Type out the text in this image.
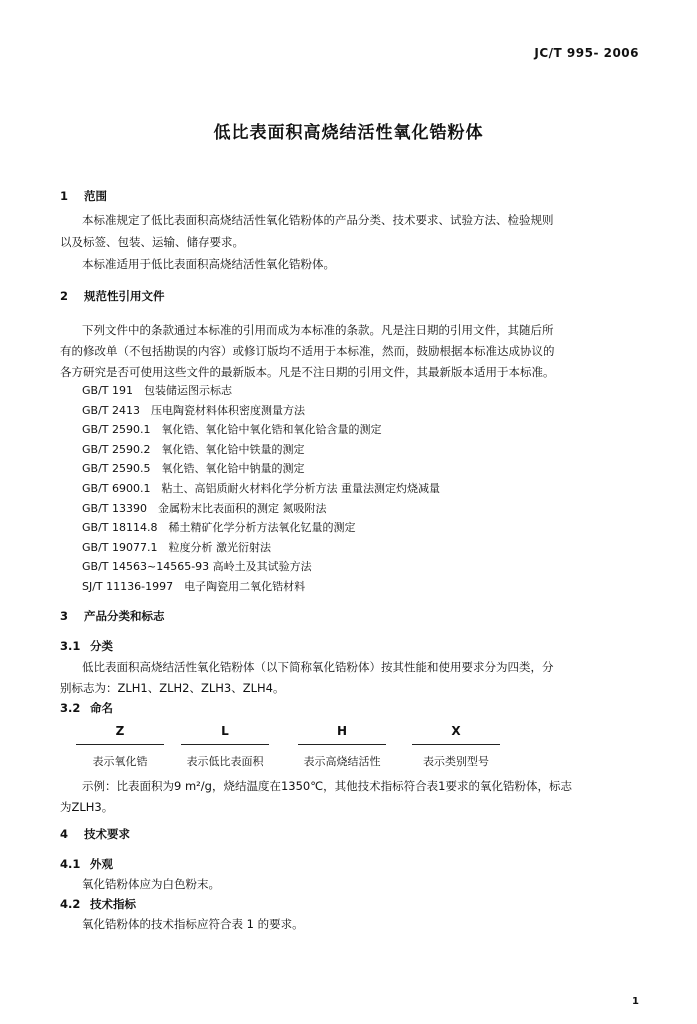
JC/T 995- 2006
低比表面积高烧结活性氧化锆粉体
1 范围
本标准规定了低比表面积高烧结活性氧化锆粉体的产品分类、技术要求、试验方法、检验规则
以及标签、包装、运输、储存要求。
本标准适用于低比表面积高烧结活性氧化锆粉体。
2 规范性引用文件
下列文件中的条款通过本标准的引用而成为本标准的条款。凡是注日期的引用文件，其随后所
有的修改单（不包括勘误的内容）或修订版均不适用于本标准，然而，鼓励根据本标准达成协议的
各方研究是否可使用这些文件的最新版本。凡是不注日期的引用文件，其最新版本适用于本标准。
GB/T 191　包装储运图示标志
GB/T 2413　压电陶瓷材料体积密度测量方法
GB/T 2590.1　氧化锆、氧化铪中氧化锆和氧化铪含量的测定
GB/T 2590.2　氧化锆、氧化铪中铁量的测定
GB/T 2590.5　氧化锆、氧化铪中钠量的测定
GB/T 6900.1　粘土、高铝质耐火材料化学分析方法 重量法测定灼烧减量
GB/T 13390　金属粉末比表面积的测定 氮吸附法
GB/T 18114.8　稀土精矿化学分析方法氧化钇量的测定
GB/T 19077.1　粒度分析 激光衍射法
GB/T 14563~14565-93 高岭土及其试验方法
SJ/T 11136-1997　电子陶瓷用二氧化锆材料
3 产品分类和标志
3.1 分类
低比表面积高烧结活性氧化锆粉体（以下简称氧化锆粉体）按其性能和使用要求分为四类，分
别标志为：ZLH1、ZLH2、ZLH3、ZLH4。
3.2 命名
Z
表示氧化锆
L
表示低比表面积
H
表示高烧结活性
X
表示类别型号
示例：比表面积为9 m²/g，烧结温度在1350℃，其他技术指标符合表1要求的氧化锆粉体，标志
为ZLH3。
4 技术要求
4.1 外观
氧化锆粉体应为白色粉末。
4.2 技术指标
氧化锆粉体的技术指标应符合表 1 的要求。
1
